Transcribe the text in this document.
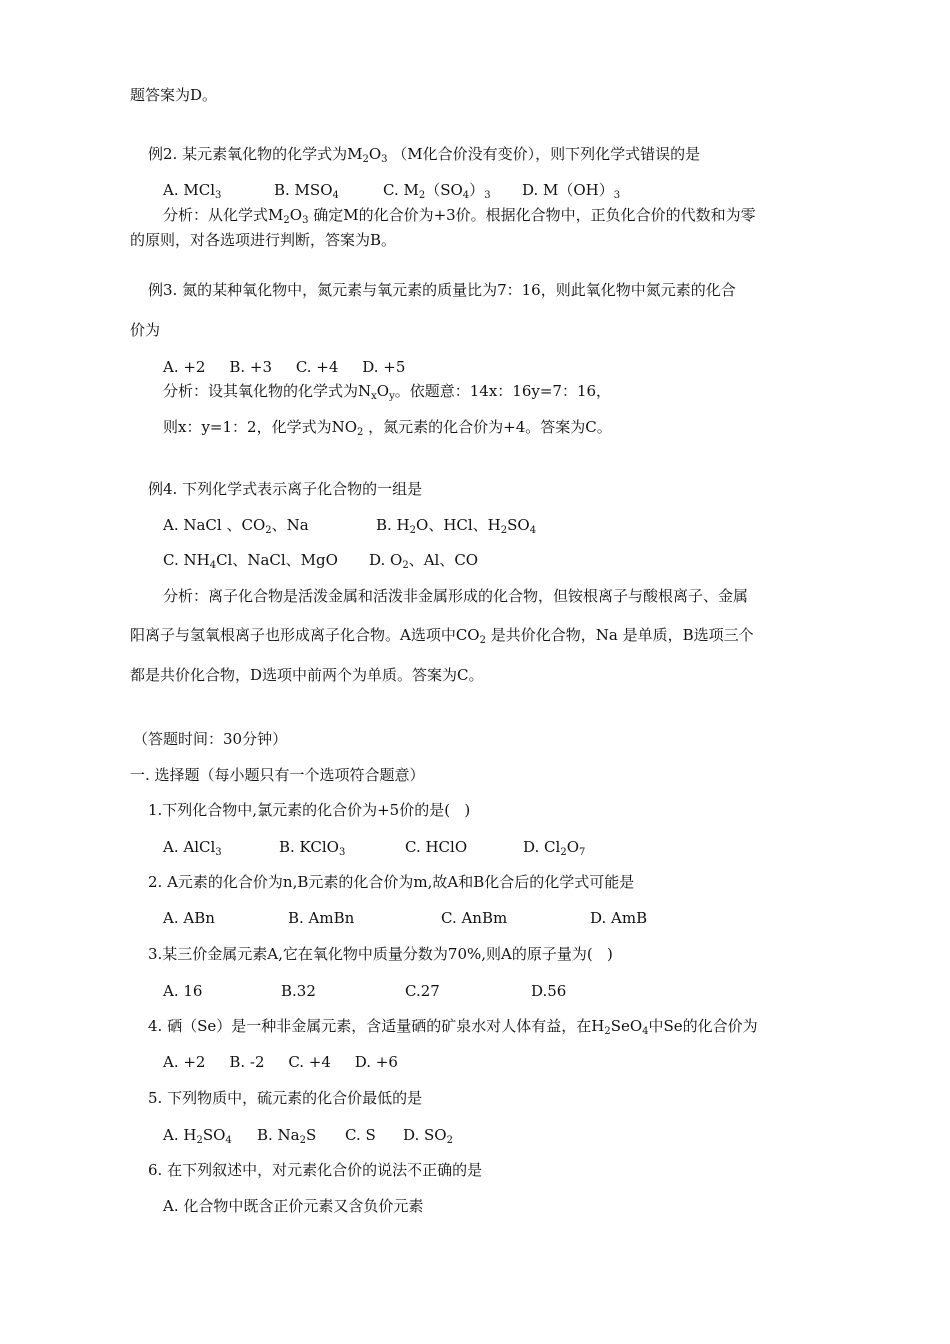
题答案为D。
例2. 某元素氧化物的化学式为$M_2O_3$ （M化合价没有变价），则下列化学式错误的是
A. MCl$_3$	B. $MSO_4$	C. $M_2(SO_4)_3$ D. $M(OH)_3$
分析：从化学式$M_2O_3$ 确定M的化合价为+3价。根据化合物中，正负化合价的代数和为零
的原则，对各选项进行判断，答案为B。
例3. 氮的某种氧化物中，氮元素与氧元素的质量比为7：16，则此氧化物中氮元素的化合
价为
A. +2     B. +3     C. +4     D. +5
分析：设其氧化物的化学式为$N_xO_y$。依题意：14x：16y=7：16，
则x：y=1：2，化学式为$NO_2$ ，氮元素的化合价为+4。答案为C。
例4. 下列化学式表示离子化合物的一组是
A. NaCl 、$CO_2$、Na	B. $H_2O$、HCl、$H_2SO_4$
C. $NH_4Cl$、NaCl、MgO D. $O_2$、Al、CO
分析：离子化合物是活泼金属和活泼非金属形成的化合物，但铵根离子与酸根离子、金属
阳离子与氢氧根离子也形成离子化合物。A选项中$CO_2$ 是共价化合物，Na 是单质，B选项三个
都是共价化合物，D选项中前两个为单质。答案为C。
（答题时间：30分钟）
一. 选择题（每小题只有一个选项符合题意）
1.下列化合物中,氯元素的化合价为+5价的是(   )
A. AlCl$_3$	B. KClO$_3$	C. HClO	D. $Cl_2O_7$
2. A元素的化合价为n,B元素的化合价为m,故A和B化合后的化学式可能是
A. ABn	B. AmBn	C. AnBm	D. AmB
3.某三价金属元素A,它在氧化物中质量分数为70%,则A的原子量为(   )
A. 16	B.32	C.27	D.56
4. 硒（Se）是一种非金属元素，含适量硒的矿泉水对人体有益，在$H_2SeO_4$中Se的化合价为
A. +2     B. -2     C. +4     D. +6
5. 下列物质中，硫元素的化合价最低的是
A. $H_2SO_4$ B. $Na_2S$ C. S D. $SO_2$
6. 在下列叙述中，对元素化合价的说法不正确的是
A. 化合物中既含正价元素又含负价元素
